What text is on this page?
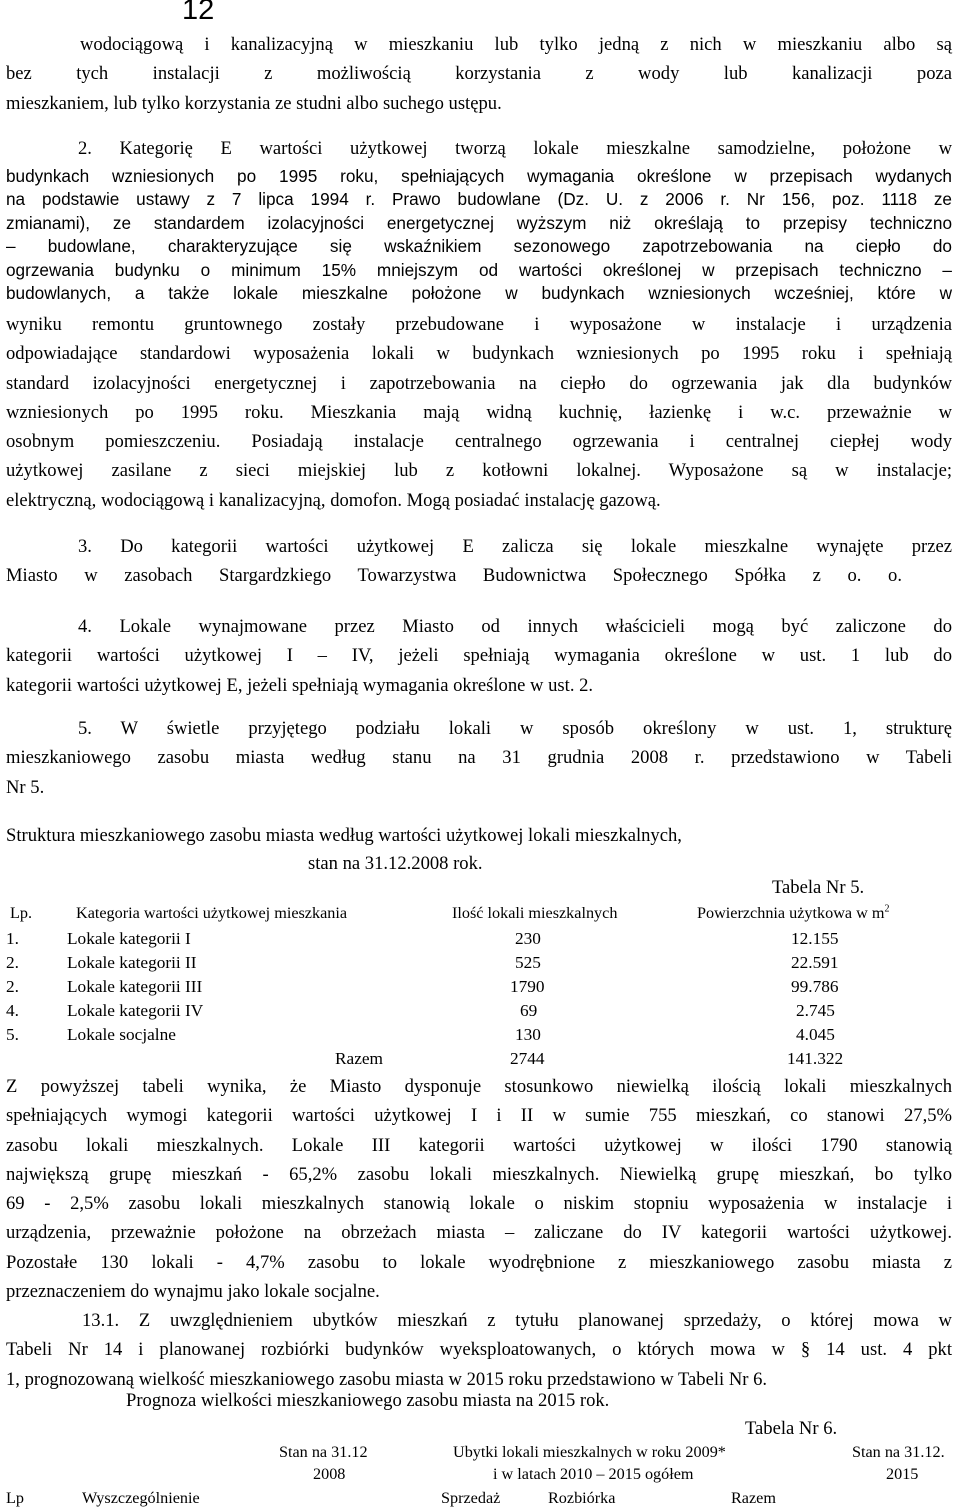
12
wodociągową i kanalizacyjną w mieszkaniu lub tylko jedną z nich w mieszkaniu albo są
bez tych instalacji z możliwością korzystania z wody lub kanalizacji poza
mieszkaniem, lub tylko korzystania ze studni albo suchego ustępu.
2. Kategorię E wartości użytkowej tworzą lokale mieszkalne samodzielne, położone w
budynkach wzniesionych po 1995 roku, spełniających wymagania określone w przepisach wydanych
na podstawie ustawy z 7 lipca 1994 r. Prawo budowlane (Dz. U. z 2006 r. Nr 156, poz. 1118 ze
zmianami), ze standardem izolacyjności energetycznej wyższym niż określają to przepisy techniczno
– budowlane, charakteryzujące się wskaźnikiem sezonowego zapotrzebowania na ciepło do
ogrzewania budynku o minimum 15% mniejszym od wartości określonej w przepisach techniczno –
budowlanych, a także lokale mieszkalne położone w budynkach wzniesionych wcześniej, które w
wyniku remontu gruntownego zostały przebudowane i wyposażone w instalacje i urządzenia
odpowiadające standardowi wyposażenia lokali w budynkach wzniesionych po 1995 roku i spełniają
standard izolacyjności energetycznej i zapotrzebowania na ciepło do ogrzewania jak dla budynków
wzniesionych po 1995 roku. Mieszkania mają widną kuchnię, łazienkę i w.c. przeważnie w
osobnym pomieszczeniu. Posiadają instalacje centralnego ogrzewania i centralnej ciepłej wody
użytkowej zasilane z sieci miejskiej lub z kotłowni lokalnej. Wyposażone są w instalacje;
elektryczną, wodociągową i kanalizacyjną, domofon. Mogą posiadać instalację gazową.
3. Do kategorii wartości użytkowej E zalicza się lokale mieszkalne wynajęte przez
Miasto w zasobach Stargardzkiego Towarzystwa Budownictwa Społecznego Spółka z o. o.
4. Lokale wynajmowane przez Miasto od innych właścicieli mogą być zaliczone do
kategorii wartości użytkowej I – IV, jeżeli spełniają wymagania określone w ust. 1 lub do
kategorii wartości użytkowej E, jeżeli spełniają wymagania określone w ust. 2.
5. W świetle przyjętego podziału lokali w sposób określony w ust. 1, strukturę
mieszkaniowego zasobu miasta według stanu na 31 grudnia 2008 r. przedstawiono w Tabeli
Nr 5.
Struktura mieszkaniowego zasobu miasta według wartości użytkowej lokali mieszkalnych,
stan na 31.12.2008 rok.
Tabela Nr 5.
Lp.	Kategoria wartości użytkowej mieszkania	Ilość lokali mieszkalnych	Powierzchnia użytkowa w $m^2$
1.	Lokale kategorii I	230	12.155
2.	Lokale kategorii II	525	22.591
2.	Lokale kategorii III	1790	99.786
4.	Lokale kategorii IV	69	2.745
5.	Lokale socjalne	130	4.045
Razem	2744	141.322
Z powyższej tabeli wynika, że Miasto dysponuje stosunkowo niewielką ilością lokali mieszkalnych
spełniających wymogi kategorii wartości użytkowej I i II w sumie 755 mieszkań, co stanowi 27,5%
zasobu lokali mieszkalnych. Lokale III kategorii wartości użytkowej w ilości 1790 stanowią
największą grupę mieszkań - 65,2% zasobu lokali mieszkalnych. Niewielką grupę mieszkań, bo tylko
69 - 2,5% zasobu lokali mieszkalnych stanowią lokale o niskim stopniu wyposażenia w instalacje i
urządzenia, przeważnie położone na obrzeżach miasta – zaliczane do IV kategorii wartości użytkowej.
Pozostałe 130 lokali - 4,7% zasobu to lokale wyodrębnione z mieszkaniowego zasobu miasta z
przeznaczeniem do wynajmu jako lokale socjalne.
13.1. Z uwzględnieniem ubytków mieszkań z tytułu planowanej sprzedaży, o której mowa w
Tabeli Nr 14 i planowanej rozbiórki budynków wyeksploatowanych, o których mowa w § 14 ust. 4 pkt
1, prognozowaną wielkość mieszkaniowego zasobu miasta w 2015 roku przedstawiono w Tabeli Nr 6.
Prognoza wielkości mieszkaniowego zasobu miasta na 2015 rok.
Tabela Nr 6.
Stan na 31.12
2008
Ubytki lokali mieszkalnych w roku 2009*
i w latach 2010 – 2015 ogółem
Stan na 31.12.
2015
Lp	Wyszczególnienie	Sprzedaż	Rozbiórka	Razem
